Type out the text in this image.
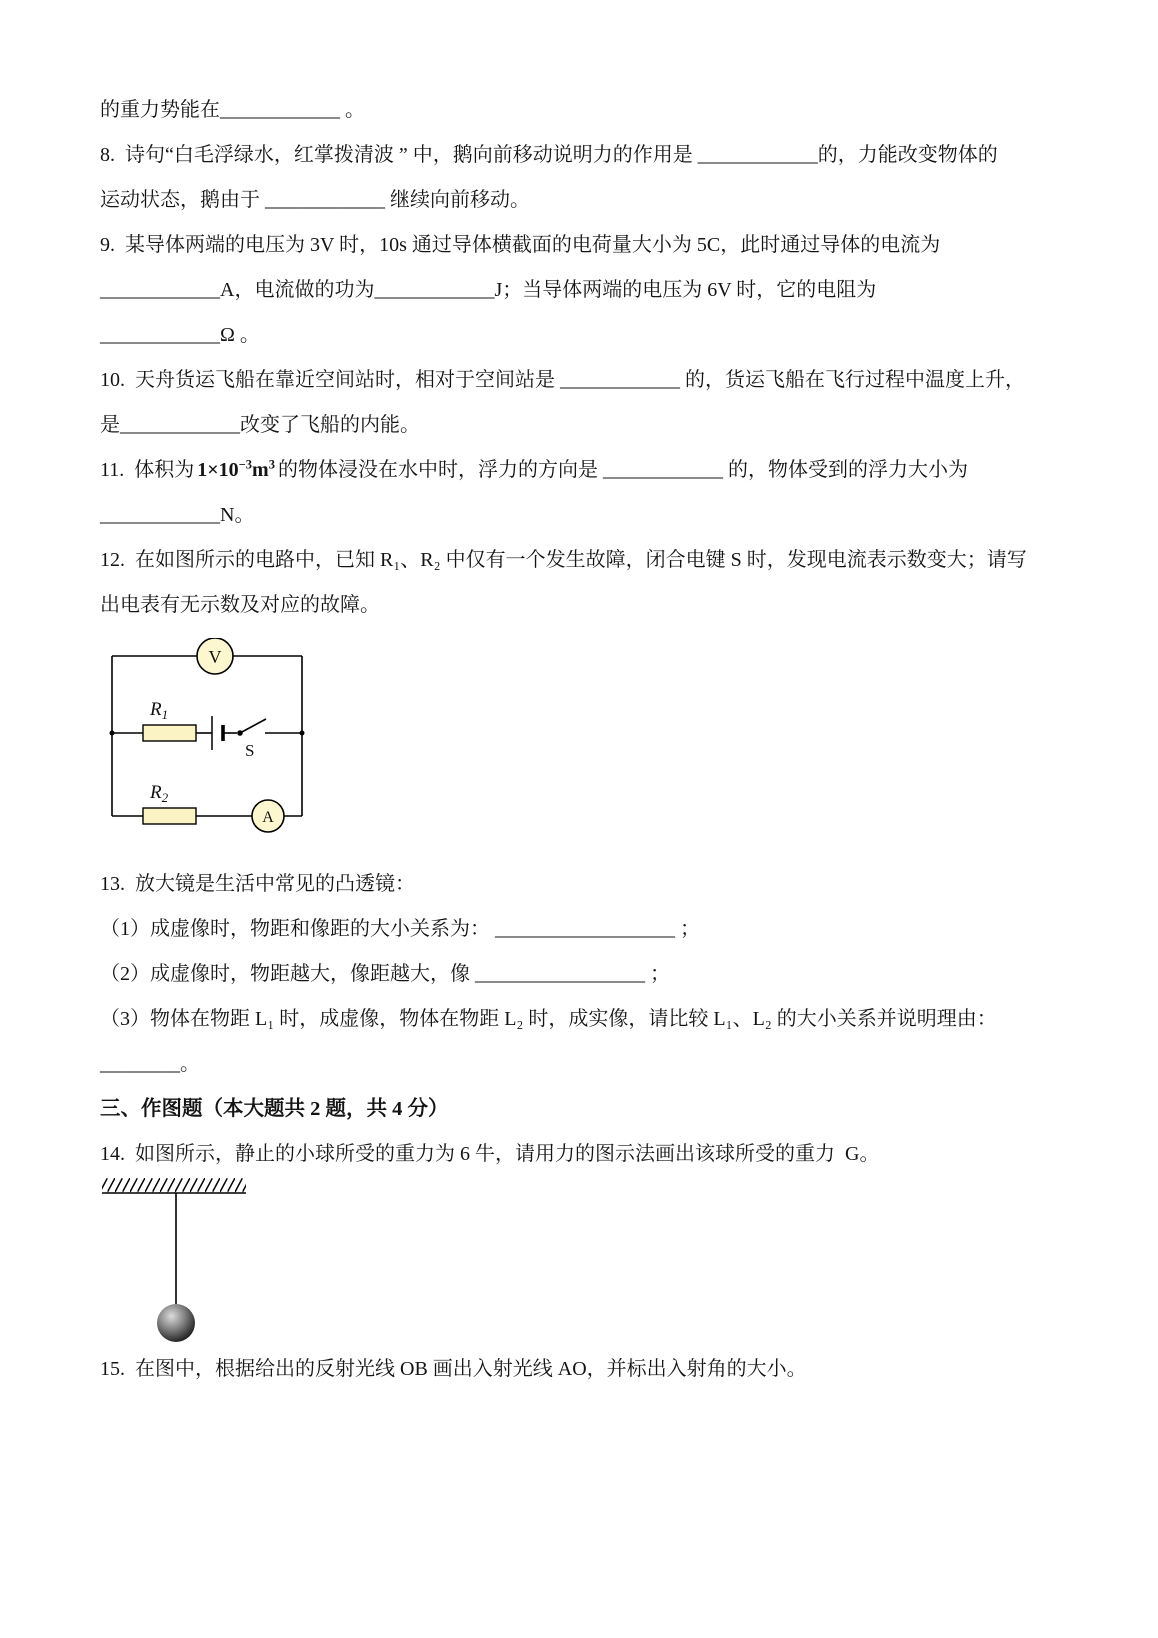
的重力势能在____________ 。
8.  诗句“白毛浮绿水，红掌拨清波 ” 中，鹅向前移动说明力的作用是 ____________的，力能改变物体的
运动状态，鹅由于 ____________ 继续向前移动。
9.  某导体两端的电压为 3V 时，10s 通过导体横截面的电荷量大小为 5C，此时通过导体的电流为
____________A，电流做的功为____________J；当导体两端的电压为 6V 时，它的电阻为
____________Ω 。
10.  天舟货运飞船在靠近空间站时，相对于空间站是 ____________ 的，货运飞船在飞行过程中温度上升，
是____________改变了飞船的内能。
11.  体积为 $1\times 10^{-3}m^3$ 的物体浸没在水中时，浮力的方向是 ____________ 的，物体受到的浮力大小为
____________N。
12.  在如图所示的电路中，已知 R₁、R₂ 中仅有一个发生故障，闭合电键 S 时，发现电流表示数变大；请写
出电表有无示数及对应的故障。
V
A
$R_1$
$R_2$
S
13.  放大镜是生活中常见的凸透镜：
（1）成虚像时，物距和像距的大小关系为： __________________ ；
（2）成虚像时，物距越大，像距越大，像 _________________ ；
（3）物体在物距 L₁ 时，成虚像，物体在物距 L₂ 时，成实像，请比较 L₁、L₂ 的大小关系并说明理由：
________。
三、作图题（本大题共 2 题，共 4 分）
14.  如图所示，静止的小球所受的重力为 6 牛，请用力的图示法画出该球所受的重力  G。
15.  在图中，根据给出的反射光线 OB 画出入射光线 AO，并标出入射角的大小。
